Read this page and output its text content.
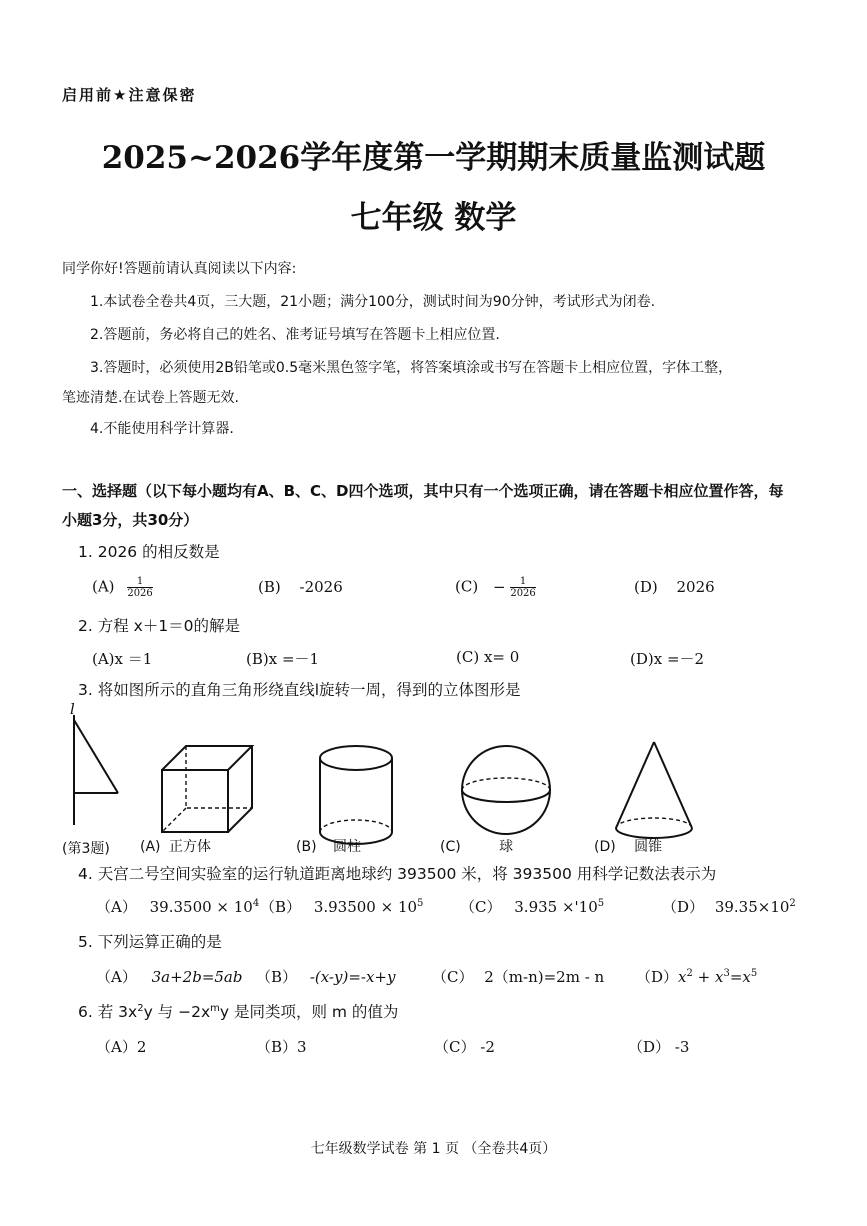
启用前★注意保密
2025~2026学年度第一学期期末质量监测试题
七年级 数学
同学你好!答题前请认真阅读以下内容:
1.本试卷全卷共4页，三大题，21小题；满分100分，测试时间为90分钟，考试形式为闭卷.
2.答题前，务必将自己的姓名、准考证号填写在答题卡上相应位置.
3.答题时，必须使用2B铅笔或0.5毫米黑色签字笔，将答案填涂或书写在答题卡上相应位置，字体工整，
笔迹清楚.在试卷上答题无效.
4.不能使用科学计算器.
一、选择题（以下每小题均有A、B、C、D四个选项，其中只有一个选项正确，请在答题卡相应位置作答，每
小题3分，共30分）
1. 2026 的相反数是
$(A) \frac{1}{2026}$	(B) -2026	$(C) - \frac{1}{2026}$	(D) 2026
2. 方程 x＋1＝0的解是
(A)x ＝1	(B)x =－1	(C) x= 0	(D)x =－2
3. 将如图所示的直角三角形绕直线l旋转一周，得到的立体图形是
l
(第3题) (A) 正方体	(B) 圆柱	(C)	球	(D) 圆锥
4. 天宫二号空间实验室的运行轨道距离地球约 393500 米，将 393500 用科学记数法表示为
（A） $39.3500 \times 10^4$ （B） $3.93500 \times 10^5$ （C） $3.935 \times'10^5$	（D） $39.35\times 10^2$
5. 下列运算正确的是
（A） 3a+2b=5ab （B） -(x-y)=-x+y （C） 2（m-n)=2m - n $(D)x^2 + x^3=x^5$
6. 若 $3x^2y$ 与 $-2x^my$ 是同类项，则 m 的值为
（A）2	（B）3	（C） -2	（D） -3
七年级数学试卷 第 1 页 （全卷共4页）
